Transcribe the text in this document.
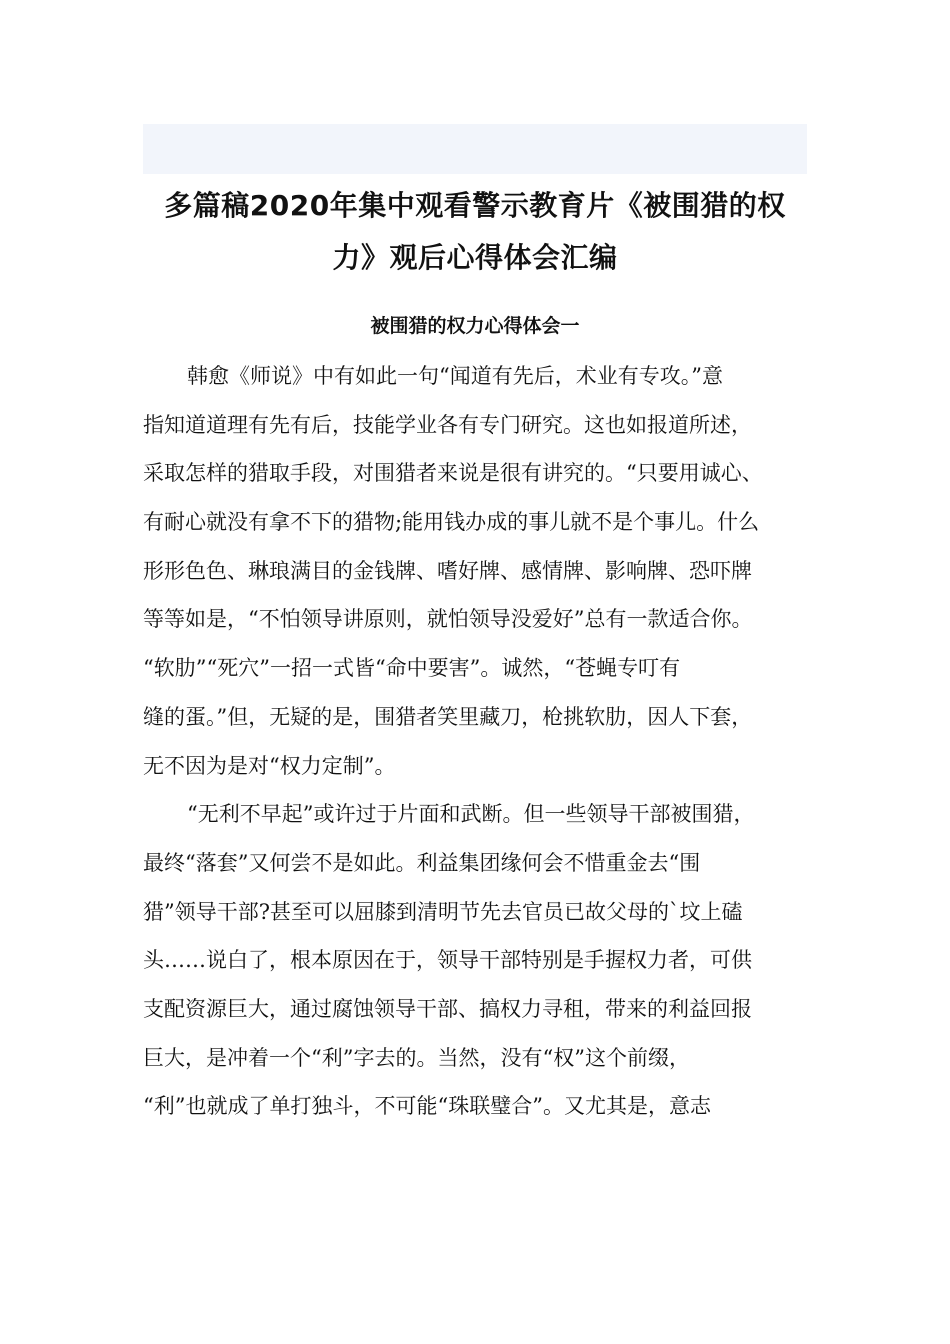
多篇稿2020年集中观看警示教育片《被围猎的权
力》观后心得体会汇编
被围猎的权力心得体会一
韩愈《师说》中有如此一句“闻道有先后，术业有专攻。”意
指知道道理有先有后，技能学业各有专门研究。这也如报道所述，
采取怎样的猎取手段，对围猎者来说是很有讲究的。“只要用诚心、
有耐心就没有拿不下的猎物;能用钱办成的事儿就不是个事儿。什么
形形色色、琳琅满目的金钱牌、嗜好牌、感情牌、影响牌、恐吓牌
等等如是，“不怕领导讲原则，就怕领导没爱好”总有一款适合你。
“软肋”“死穴”一招一式皆“命中要害”。诚然，“苍蝇专叮有
缝的蛋。”但，无疑的是，围猎者笑里藏刀，枪挑软肋，因人下套，
无不因为是对“权力定制”。
“无利不早起”或许过于片面和武断。但一些领导干部被围猎，
最终“落套”又何尝不是如此。利益集团缘何会不惜重金去“围
猎”领导干部?甚至可以屈膝到清明节先去官员已故父母的`坟上磕
头……说白了，根本原因在于，领导干部特别是手握权力者，可供
支配资源巨大，通过腐蚀领导干部、搞权力寻租，带来的利益回报
巨大，是冲着一个“利”字去的。当然，没有“权”这个前缀，
“利”也就成了单打独斗，不可能“珠联璧合”。又尤其是，意志
